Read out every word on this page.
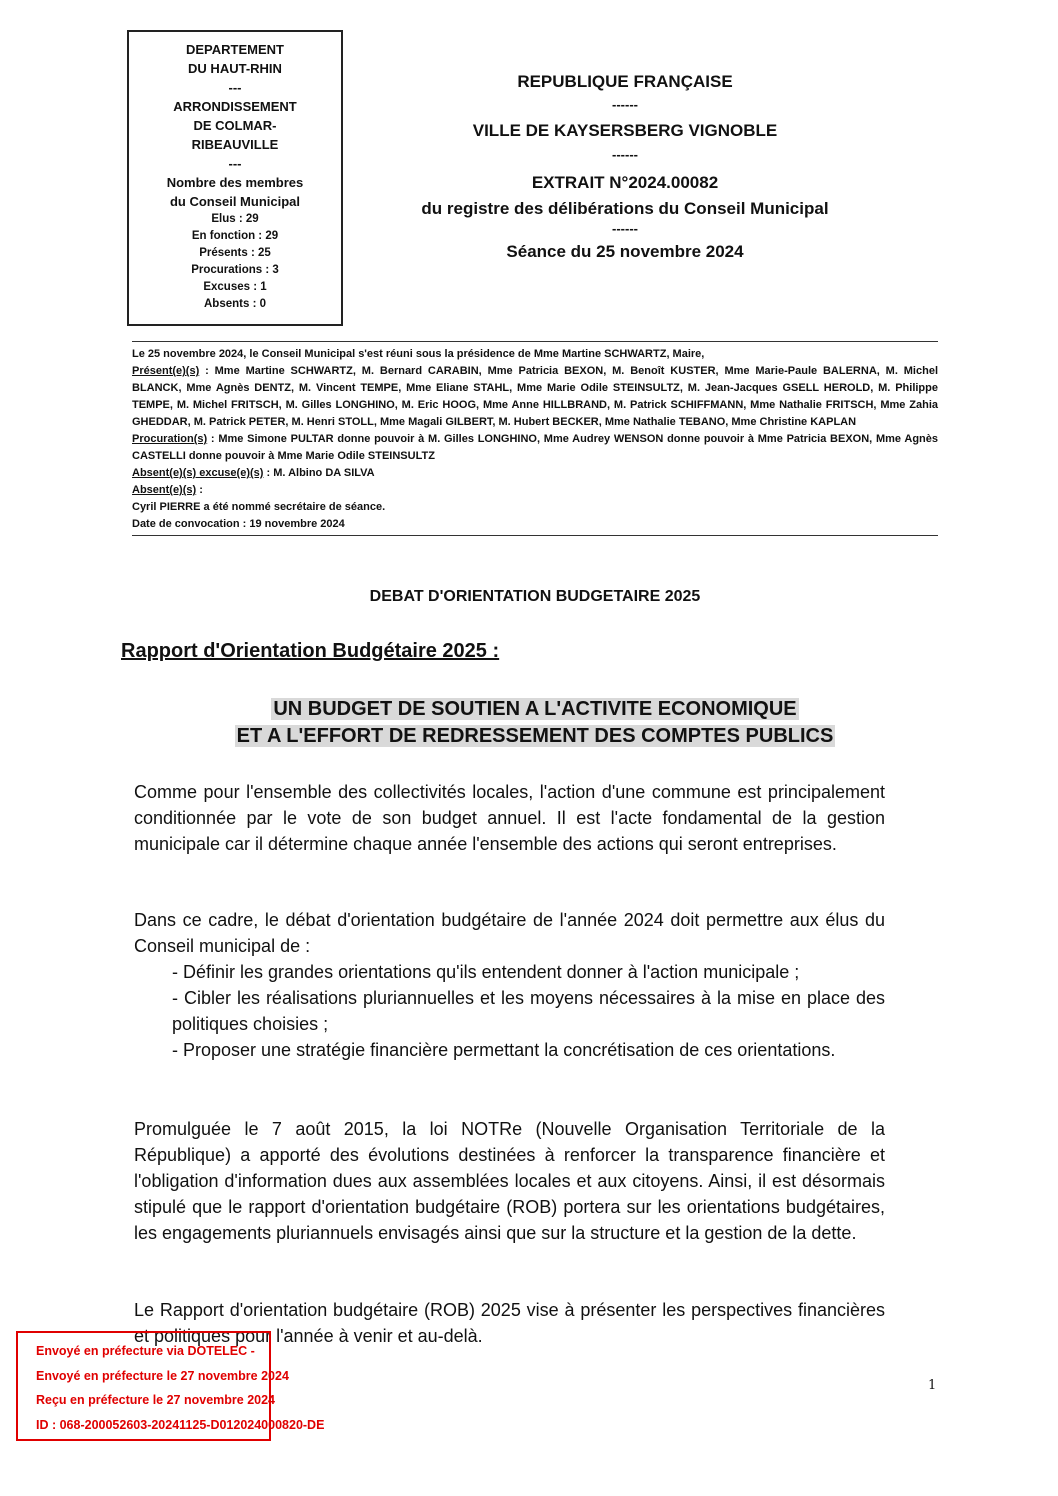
DEPARTEMENT
DU HAUT-RHIN
---
ARRONDISSEMENT
DE COLMAR-
RIBEAUVILLE
---
Nombre des membres
du Conseil Municipal
Elus : 29
En fonction : 29
Présents : 25
Procurations : 3
Excuses : 1
Absents : 0
REPUBLIQUE FRANÇAISE
------
VILLE DE KAYSERSBERG VIGNOBLE
------
EXTRAIT N°2024.00082
du registre des délibérations du Conseil Municipal
------
Séance du 25 novembre 2024

Le 25 novembre 2024, le Conseil Municipal s'est réuni sous la présidence de Mme Martine SCHWARTZ, Maire,

Présent(e)(s) : Mme Martine SCHWARTZ, M. Bernard CARABIN, Mme Patricia BEXON, M. Benoît KUSTER, Mme Marie-Paule BALERNA, M. Michel BLANCK, Mme Agnès DENTZ, M. Vincent TEMPE, Mme Eliane STAHL, Mme Marie Odile STEINSULTZ, M. Jean-Jacques GSELL HEROLD, M. Philippe TEMPE, M. Michel FRITSCH, M. Gilles LONGHINO, M. Eric HOOG, Mme Anne HILLBRAND, M. Patrick SCHIFFMANN, Mme Nathalie FRITSCH, Mme Zahia GHEDDAR, M. Patrick PETER, M. Henri STOLL, Mme Magali GILBERT, M. Hubert BECKER, Mme Nathalie TEBANO, Mme Christine KAPLAN

Procuration(s) : Mme Simone PULTAR donne pouvoir à M. Gilles LONGHINO, Mme Audrey WENSON donne pouvoir à Mme Patricia BEXON, Mme Agnès CASTELLI donne pouvoir à Mme Marie Odile STEINSULTZ

Absent(e)(s) excuse(e)(s) : M. Albino DA SILVA

Absent(e)(s) :

Cyril PIERRE a été nommé secrétaire de séance.

Date de convocation : 19 novembre 2024

DEBAT D'ORIENTATION BUDGETAIRE 2025
Rapport d'Orientation Budgétaire 2025 :
UN BUDGET DE SOUTIEN A L'ACTIVITE ECONOMIQUE
ET A L'EFFORT DE REDRESSEMENT DES COMPTES PUBLICS

Comme pour l'ensemble des collectivités locales, l'action d'une commune est principalement conditionnée par le vote de son budget annuel. Il est l'acte fondamental de la gestion municipale car il détermine chaque année l'ensemble des actions qui seront entreprises.

Dans ce cadre, le débat d'orientation budgétaire de l'année 2024 doit permettre aux élus du Conseil municipal de :

- Définir les grandes orientations qu'ils entendent donner à l'action municipale ;
- Cibler les réalisations pluriannuelles et les moyens nécessaires à la mise en place des politiques choisies ;
- Proposer une stratégie financière permettant la concrétisation de ces orientations.

Promulguée le 7 août 2015, la loi NOTRe (Nouvelle Organisation Territoriale de la République) a apporté des évolutions destinées à renforcer la transparence financière et l'obligation d'information dues aux assemblées locales et aux citoyens. Ainsi, il est désormais stipulé que le rapport d'orientation budgétaire (ROB) portera sur les orientations budgétaires, les engagements pluriannuels envisagés ainsi que sur la structure et la gestion de la dette.

Le Rapport d'orientation budgétaire (ROB) 2025 vise à présenter les perspectives financières et politiques pour l'année à venir et au-delà.

1
Envoyé en préfecture via DOTELEC -
Envoyé en préfecture le 27 novembre 2024
Reçu en préfecture le 27 novembre 2024
ID : 068-200052603-20241125-D012024000820-DE
